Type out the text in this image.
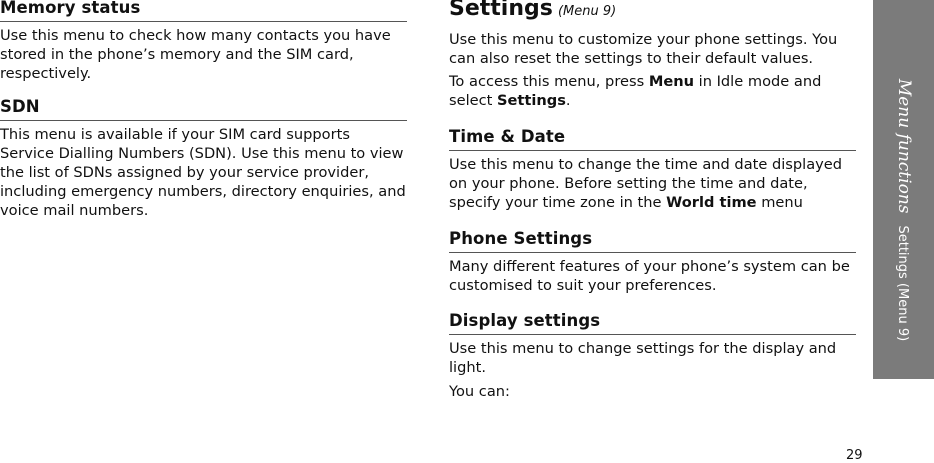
Memory status

Use this menu to check how many contacts you have stored in the phone’s memory and the SIM card, respectively.

SDN

This menu is available if your SIM card supports Service Dialling Numbers (SDN). Use this menu to view the list of SDNs assigned by your service provider, including emergency numbers, directory enquiries, and voice mail numbers.

Settings (Menu 9)

Use this menu to customize your phone settings. You can also reset the settings to their default values.

To access this menu, press Menu in Idle mode and select Settings.

Time & Date

Use this menu to change the time and date displayed on your phone. Before setting the time and date, specify your time zone in the World time menu

Phone Settings

Many different features of your phone’s system can be customised to suit your preferences.

Display settings

Use this menu to change settings for the display and light.

You can:

Menu functionsSettings (Menu 9)
29
